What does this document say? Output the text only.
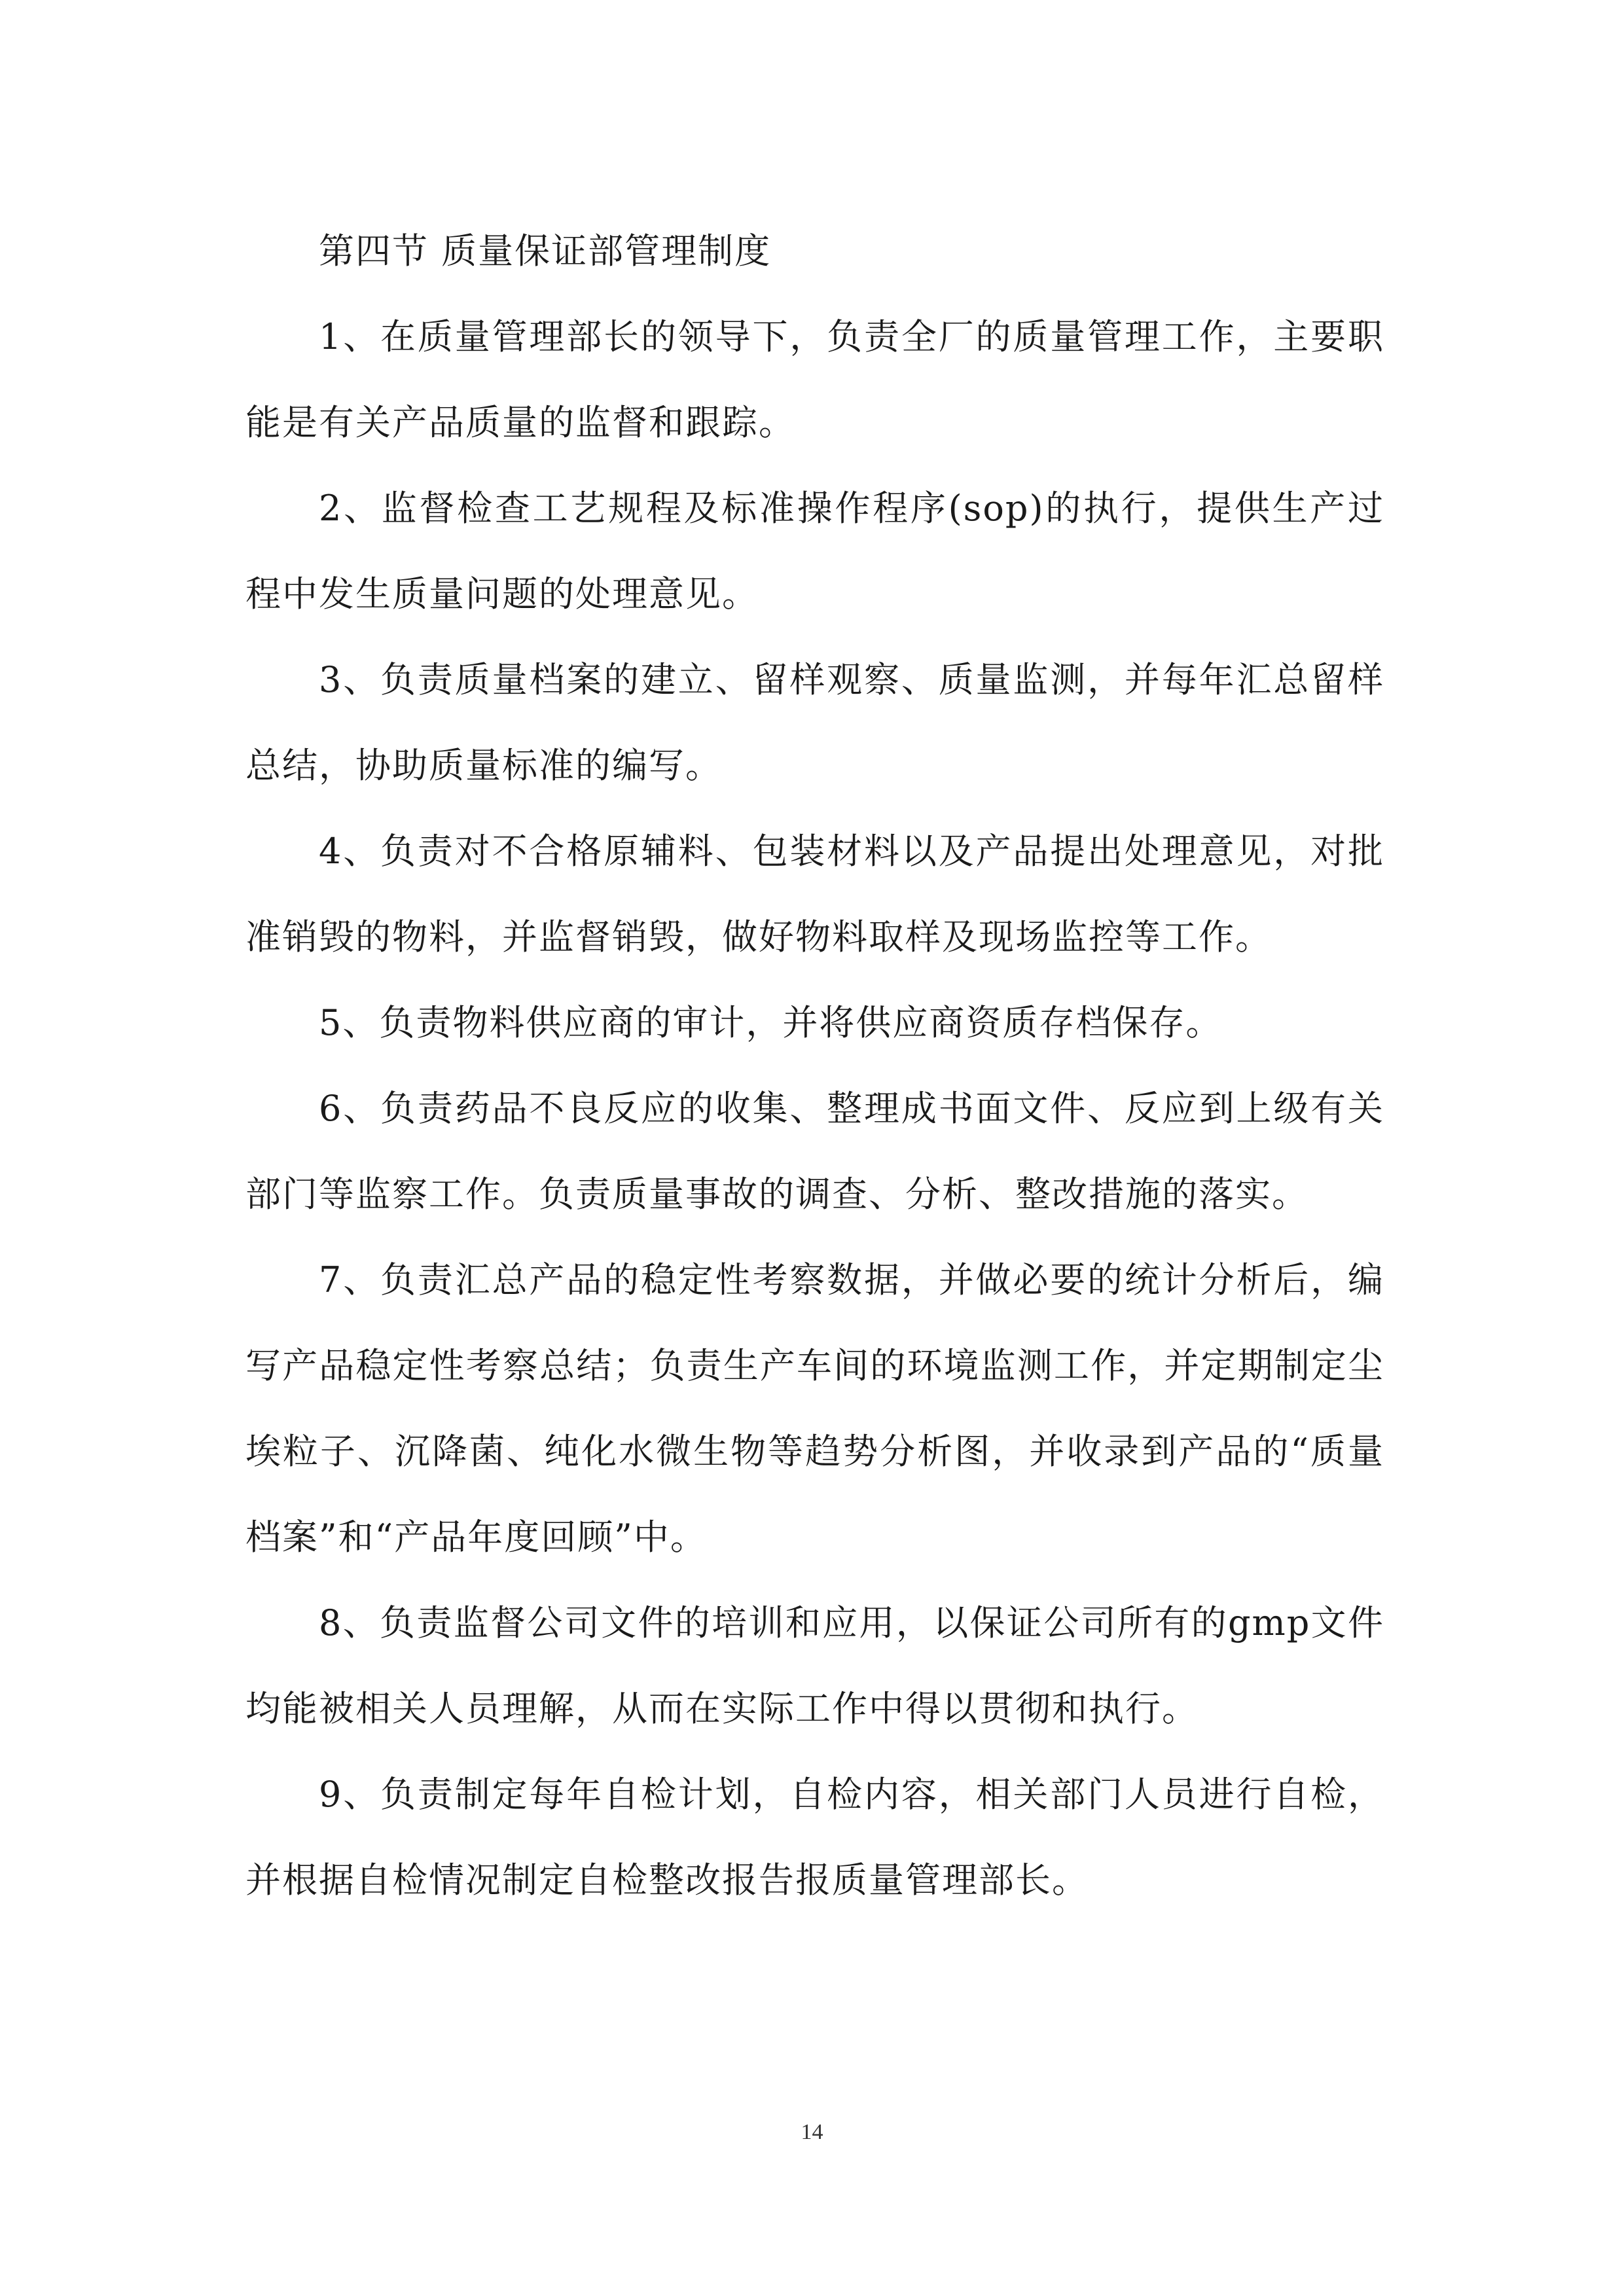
第四节 质量保证部管理制度

1、在质量管理部长的领导下，负责全厂的质量管理工作，主要职能是有关产品质量的监督和跟踪。

2、监督检查工艺规程及标准操作程序(sop)的执行，提供生产过程中发生质量问题的处理意见。

3、负责质量档案的建立、留样观察、质量监测，并每年汇总留样总结，协助质量标准的编写。

4、负责对不合格原辅料、包装材料以及产品提出处理意见，对批准销毁的物料，并监督销毁，做好物料取样及现场监控等工作。

5、负责物料供应商的审计，并将供应商资质存档保存。

6、负责药品不良反应的收集、整理成书面文件、反应到上级有关部门等监察工作。负责质量事故的调查、分析、整改措施的落实。

7、负责汇总产品的稳定性考察数据，并做必要的统计分析后，编写产品稳定性考察总结；负责生产车间的环境监测工作，并定期制定尘埃粒子、沉降菌、纯化水微生物等趋势分析图，并收录到产品的“质量档案”和“产品年度回顾”中。

8、负责监督公司文件的培训和应用，以保证公司所有的gmp文件均能被相关人员理解，从而在实际工作中得以贯彻和执行。

9、负责制定每年自检计划，自检内容，相关部门人员进行自检，并根据自检情况制定自检整改报告报质量管理部长。

14
